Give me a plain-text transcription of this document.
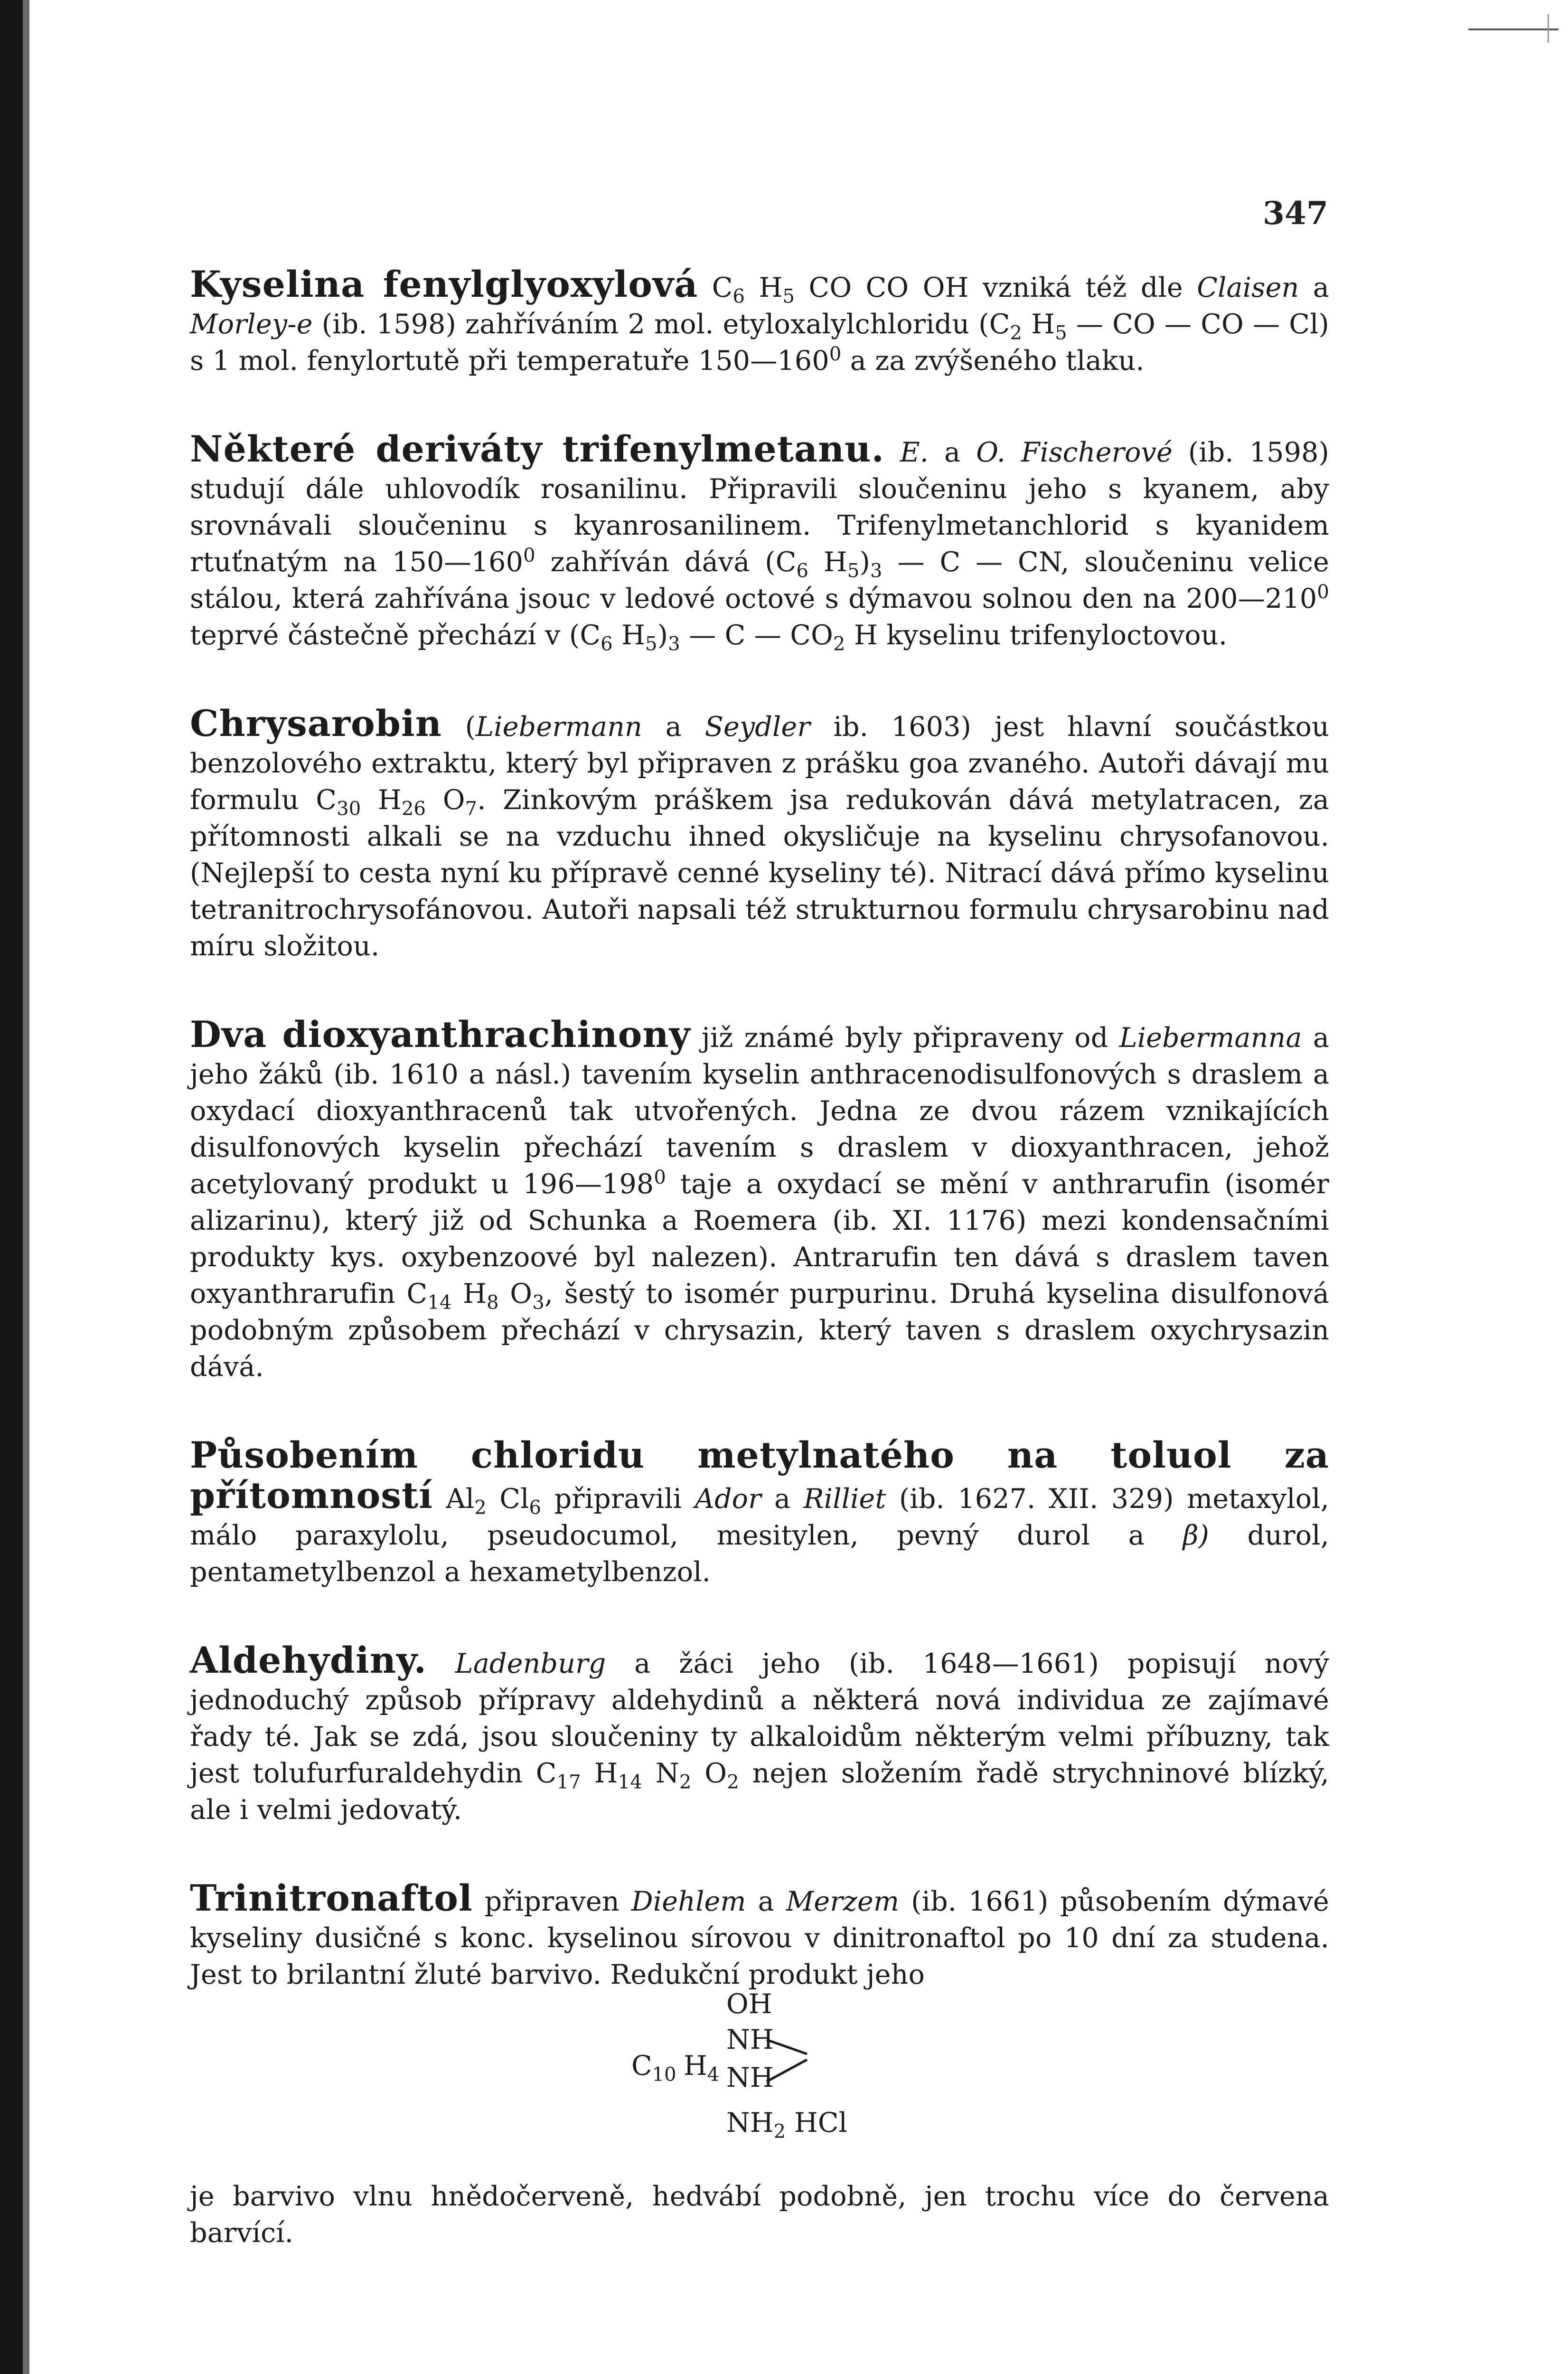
347

Kyselina fenylglyoxylová $C_6$ $H_5$ CO CO OH vzniká též dle Claisen a Morley-e (ib. 1598) zahříváním 2 mol. etyloxalylchloridu ($C_2$ $H_5$ — CO — CO — Cl) s 1 mol. fenylortutě při temperatuře $150—160^0$ a za zvýšeného tlaku.

Některé deriváty trifenylmetanu. E. a O. Fischerové (ib. 1598) studují dále uhlovodík rosanilinu. Připravili sloučeninu jeho s kyanem, aby srovnávali sloučeninu s kyanrosanilinem. Trifenylmetanchlorid s kyanidem rtuťnatým na $150—160^0$ zahříván dává ($C_6$ $H_5)_3$ — C — CN, sloučeninu velice stálou, která zahřívána jsouc v ledové octové s dýmavou solnou den na $200—210^0$ teprvé částečně přechází v ($C_6$ $H_5)_3$ — C — $CO_2$ H kyselinu trifenyloctovou.

Chrysarobin (Liebermann a Seydler ib. 1603) jest hlavní součástkou benzolového extraktu, který byl připraven z prášku goa zvaného. Autoři dávají mu formulu $C_{30}$ $H_{26}$ $O_7$. Zinkovým práškem jsa redukován dává metylatracen, za přítomnosti alkali se na vzduchu ihned okysličuje na kyselinu chrysofanovou. (Nejlepší to cesta nyní ku přípravě cenné kyseliny té). Nitrací dává přímo kyselinu tetranitrochrysofánovou. Autoři napsali též strukturnou formulu chrysarobinu nad míru složitou.

Dva dioxyanthrachinony již známé byly připraveny od Liebermanna a jeho žáků (ib. 1610 a násl.) tavením kyselin anthracenodisulfonových s draslem a oxydací dioxyanthracenů tak utvořených. Jedna ze dvou rázem vznikajících disulfonových kyselin přechází tavením s draslem v dioxyanthracen, jehož acetylovaný produkt u $196—198^0$ taje a oxydací se mění v anthrarufin (isomér alizarinu), který již od Schunka a Roemera (ib. XI. 1176) mezi kondensačními produkty kys. oxybenzoové byl nalezen). Antrarufin ten dává s draslem taven oxyanthrarufin $C_{14}$ $H_8$ $O_3$, šestý to isomér purpurinu. Druhá kyselina disulfonová podobným způsobem přechází v chrysazin, který taven s draslem oxychrysazin dává.

Působením chloridu metylnatého na toluol za přítomností $Al_2$ $Cl_6$ připravili Ador a Rilliet (ib. 1627. XII. 329) metaxylol, málo paraxylolu, pseudocumol, mesitylen, pevný durol a β) durol, pentametylbenzol a hexametylbenzol.

Aldehydiny. Ladenburg a žáci jeho (ib. 1648—1661) popisují nový jednoduchý způsob přípravy aldehydinů a některá nová individua ze zajímavé řady té. Jak se zdá, jsou sloučeniny ty alkaloidům některým velmi příbuzny, tak jest tolufurfuraldehydin $C_{17}$ $H_{14}$ $N_2$ $O_2$ nejen složením řadě strychninové blízký, ale i velmi jedovatý.

Trinitronaftol připraven Diehlem a Merzem (ib. 1661) působením dýmavé kyseliny dusičné s konc. kyselinou sírovou v dinitronaftol po 10 dní za studena. Jest to brilantní žluté barvivo. Redukční produkt jeho

OH
$C_{10}$ $H_4$
NH
NH
$NH_2$ HCl

je barvivo vlnu hnědočerveně, hedvábí podobně, jen trochu více do červena barvící.
